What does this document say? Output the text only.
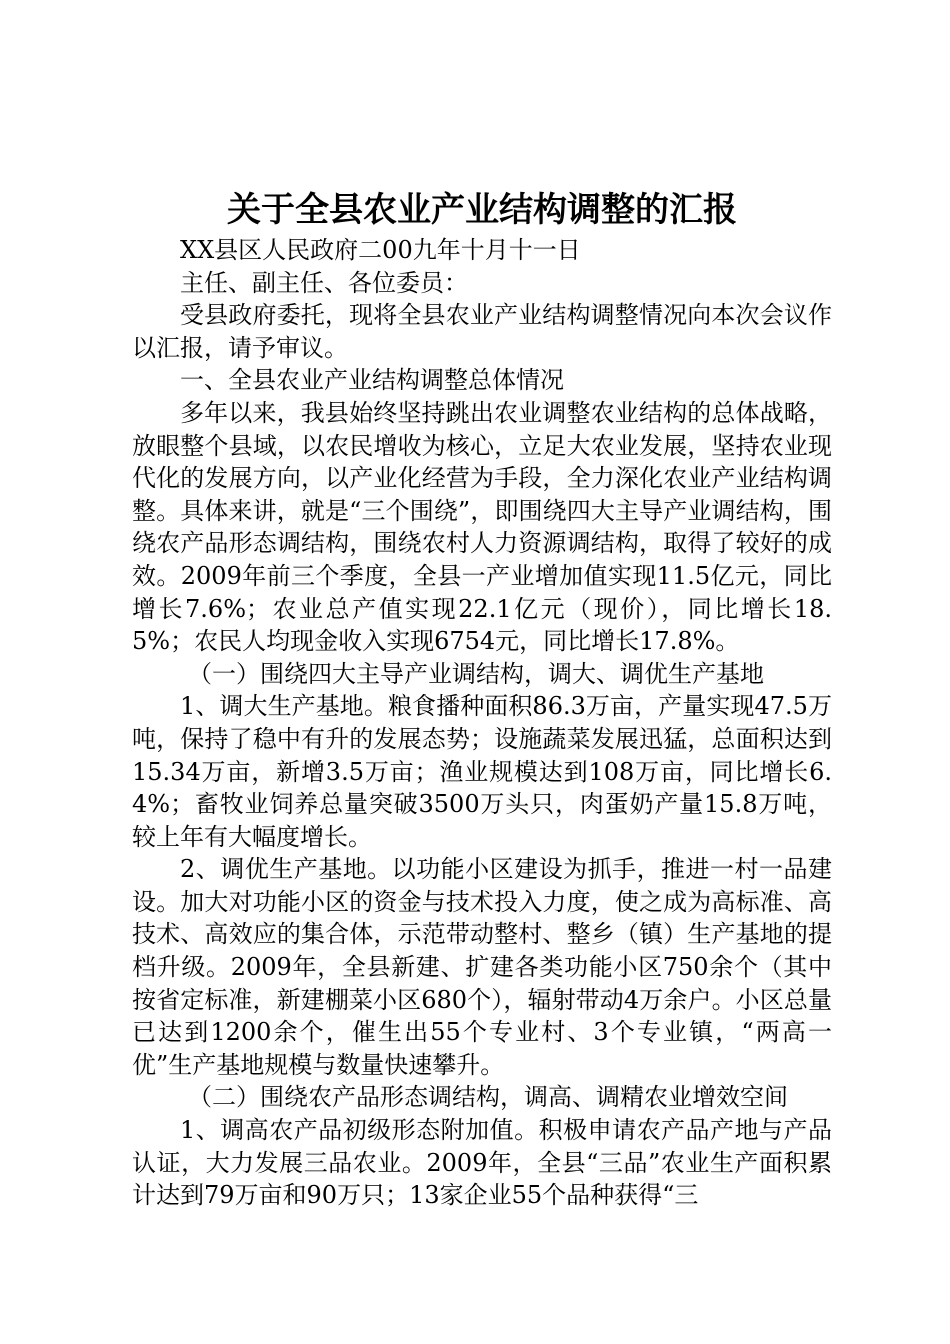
关于全县农业产业结构调整的汇报

XX县区人民政府二00九年十月十一日

主任、副主任、各位委员：

受县政府委托，现将全县农业产业结构调整情况向本次会议作以汇报，请予审议。

一、全县农业产业结构调整总体情况

多年以来，我县始终坚持跳出农业调整农业结构的总体战略，放眼整个县域，以农民增收为核心，立足大农业发展，坚持农业现代化的发展方向，以产业化经营为手段，全力深化农业产业结构调整。具体来讲，就是“三个围绕”，即围绕四大主导产业调结构，围绕农产品形态调结构，围绕农村人力资源调结构，取得了较好的成效。2009年前三个季度，全县一产业增加值实现11.5亿元，同比增长7.6%；农业总产值实现22.1亿元（现价），同比增长18.5%；农民人均现金收入实现6754元，同比增长17.8%。

（一）围绕四大主导产业调结构，调大、调优生产基地

1、调大生产基地。粮食播种面积86.3万亩，产量实现47.5万吨，保持了稳中有升的发展态势；设施蔬菜发展迅猛，总面积达到15.34万亩，新增3.5万亩；渔业规模达到108万亩，同比增长6.4%；畜牧业饲养总量突破3500万头只，肉蛋奶产量15.8万吨，较上年有大幅度增长。

2、调优生产基地。以功能小区建设为抓手，推进一村一品建设。加大对功能小区的资金与技术投入力度，使之成为高标准、高技术、高效应的集合体，示范带动整村、整乡（镇）生产基地的提档升级。2009年，全县新建、扩建各类功能小区750余个（其中按省定标准，新建棚菜小区680个），辐射带动4万余户。小区总量已达到1200余个，催生出55个专业村、3个专业镇，“两高一优”生产基地规模与数量快速攀升。

（二）围绕农产品形态调结构，调高、调精农业增效空间

1、调高农产品初级形态附加值。积极申请农产品产地与产品认证，大力发展三品农业。2009年，全县“三品”农业生产面积累计达到79万亩和90万只；13家企业55个品种获得“三
